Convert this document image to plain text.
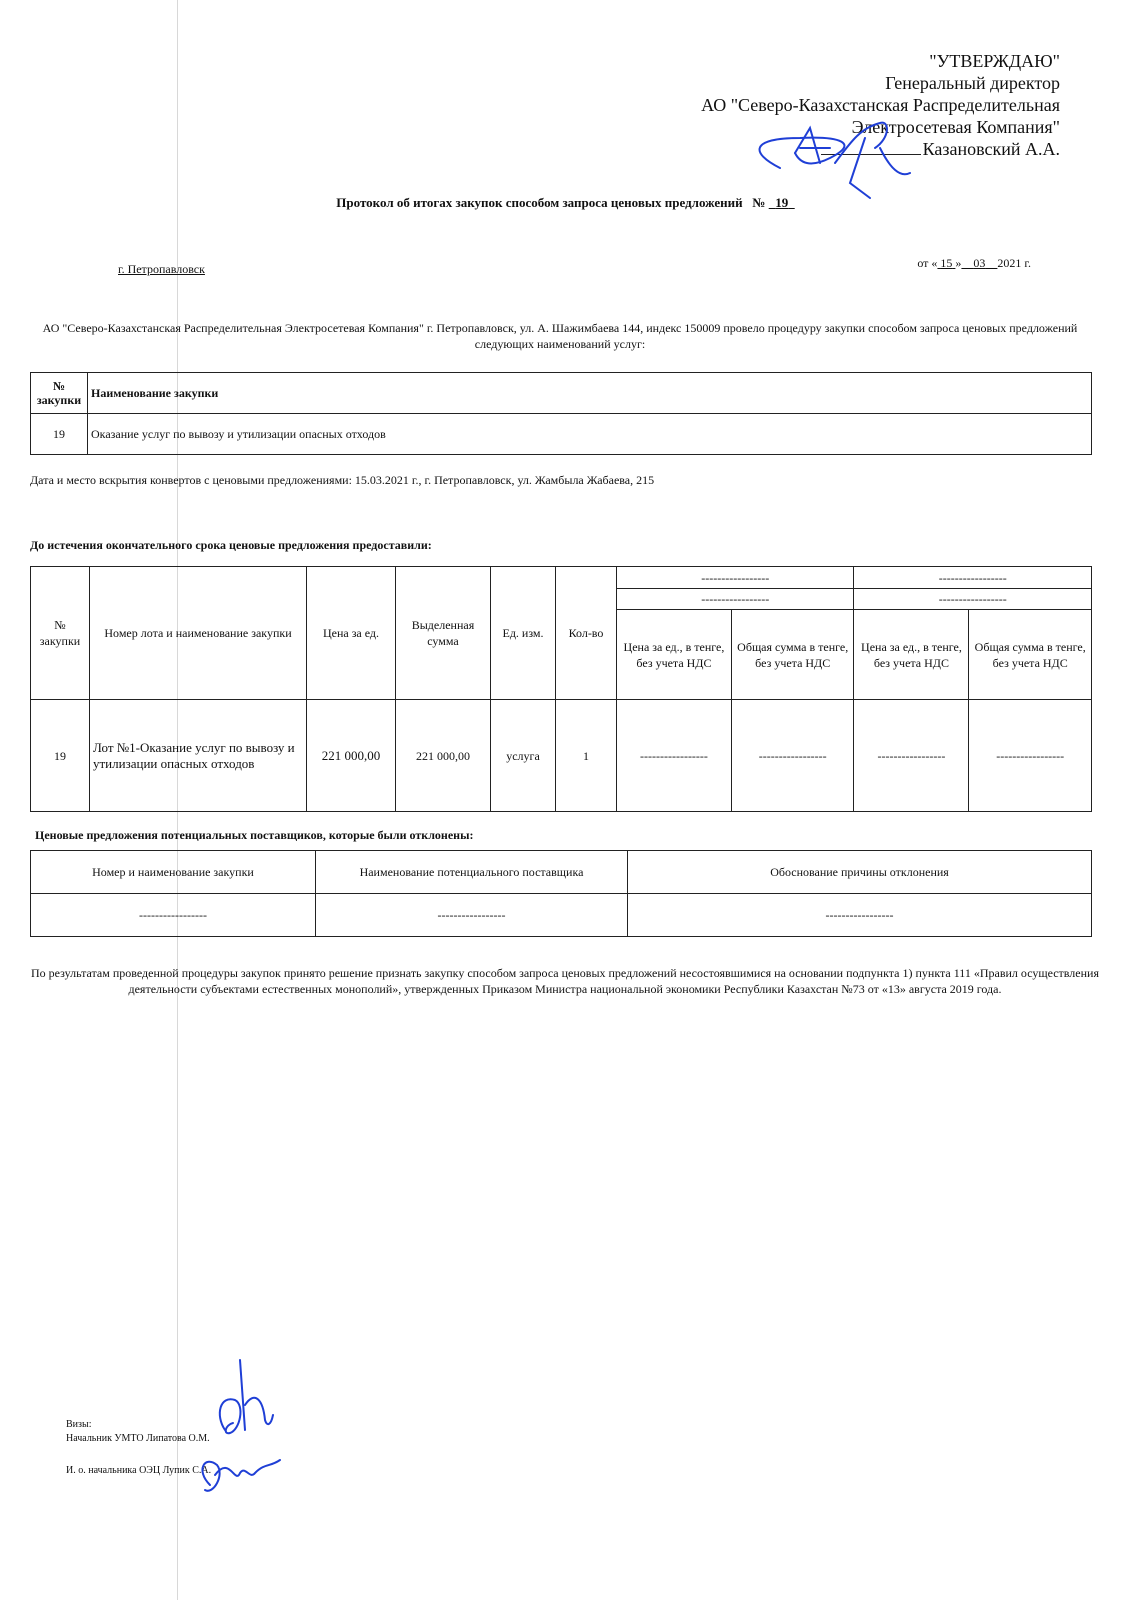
"УТВЕРЖДАЮ"
Генеральный директор
АО "Северо-Казахстанская Распределительная
Электросетевая Компания"
Казановский А.А.
Протокол об итогах закупок способом запроса ценовых предложений № 19
г. Петропавловск	от « 15 » 03 2021 г.
АО "Северо-Казахстанская Распределительная Электросетевая Компания" г. Петропавловск, ул. А. Шажимбаева 144, индекс 150009 провело процедуру закупки способом запроса ценовых предложений следующих наименований услуг:
№ закупки	Наименование закупки
19	Оказание услуг по вывозу и утилизации опасных отходов
Дата и место вскрытия конвертов с ценовыми предложениями: 15.03.2021 г., г. Петропавловск, ул. Жамбыла Жабаева, 215
До истечения окончательного срока ценовые предложения предоставили:
№ закупки	Номер лота и наименование закупки	Цена за ед.	Выделенная сумма	Ед. изм.	Кол-во	-----------------		-----------------	
						-----------------		-----------------	
						Цена за ед., в тенге, без учета НДС	Общая сумма в тенге, без учета НДС	Цена за ед., в тенге, без учета НДС	Общая сумма в тенге, без учета НДС
19	Лот №1-Оказание услуг по вывозу и утилизации опасных отходов	221 000,00	221 000,00	услуга	1	-----------------	-----------------	-----------------	-----------------
Ценовые предложения потенциальных поставщиков, которые были отклонены:
Номер и наименование закупки	Наименование потенциального поставщика	Обоснование причины отклонения
-----------------	-----------------	-----------------
По результатам проведенной процедуры закупок принято решение признать закупку способом запроса ценовых предложений несостоявшимися на основании подпункта 1) пункта 111 «Правил осуществления деятельности субъектами естественных монополий», утвержденных Приказом Министра национальной экономики Республики Казахстан №73 от «13» августа 2019 года.
Визы:
Начальник УМТО Липатова О.М.
И. о. начальника ОЭЦ Лупик С.А.
